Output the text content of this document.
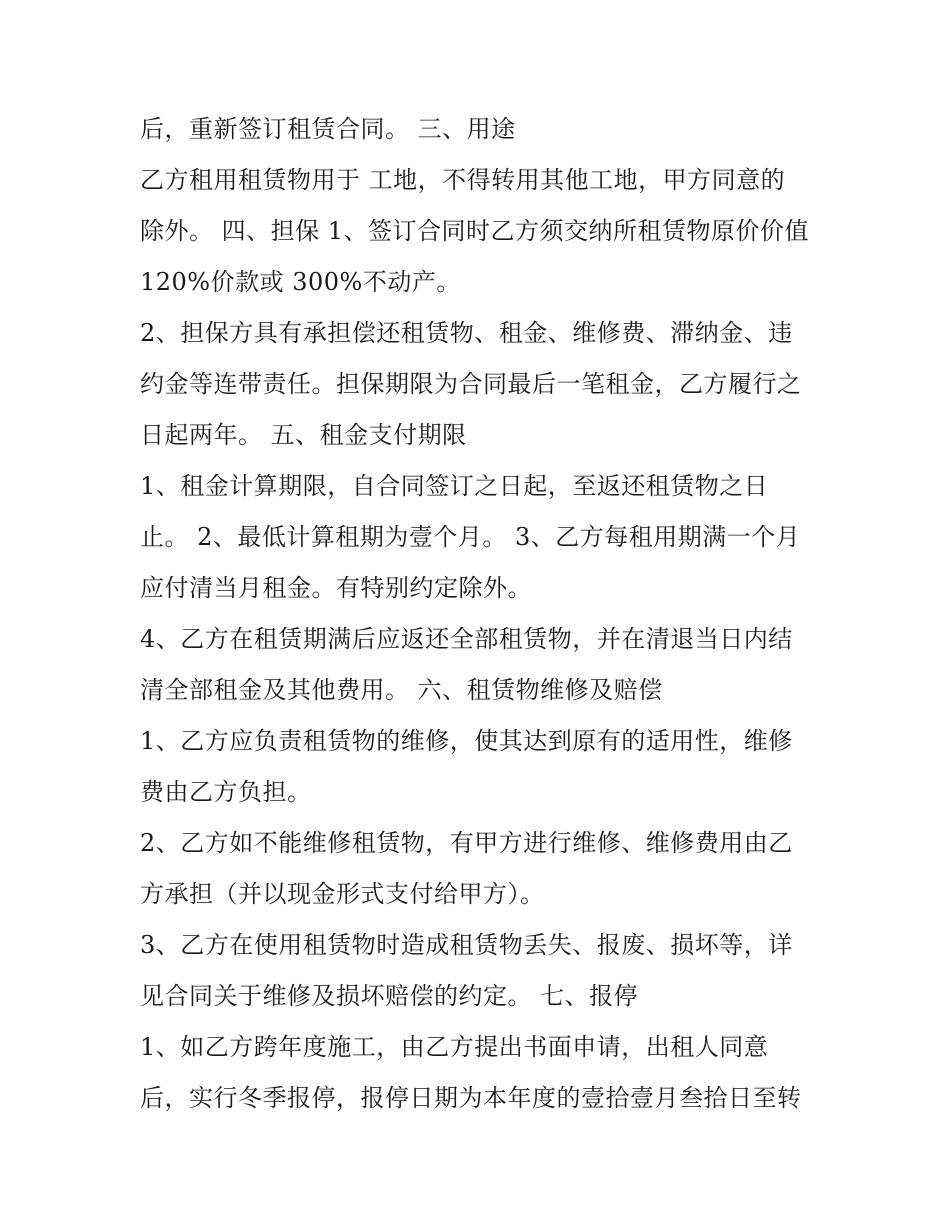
后，重新签订租赁合同。 三、用途
乙方租用租赁物用于 工地，不得转用其他工地，甲方同意的
除外。 四、担保 1、签订合同时乙方须交纳所租赁物原价价值
120%价款或 300%不动产。
2、担保方具有承担偿还租赁物、租金、维修费、滞纳金、违
约金等连带责任。担保期限为合同最后一笔租金，乙方履行之
日起两年。 五、租金支付期限
1、租金计算期限，自合同签订之日起，至返还租赁物之日
止。 2、最低计算租期为壹个月。 3、乙方每租用期满一个月
应付清当月租金。有特别约定除外。
4、乙方在租赁期满后应返还全部租赁物，并在清退当日内结
清全部租金及其他费用。 六、租赁物维修及赔偿
1、乙方应负责租赁物的维修，使其达到原有的适用性，维修
费由乙方负担。
2、乙方如不能维修租赁物，有甲方进行维修、维修费用由乙
方承担（并以现金形式支付给甲方）。
3、乙方在使用租赁物时造成租赁物丢失、报废、损坏等，详
见合同关于维修及损坏赔偿的约定。 七、报停
1、如乙方跨年度施工，由乙方提出书面申请，出租人同意
后，实行冬季报停，报停日期为本年度的壹拾壹月叁拾日至转
